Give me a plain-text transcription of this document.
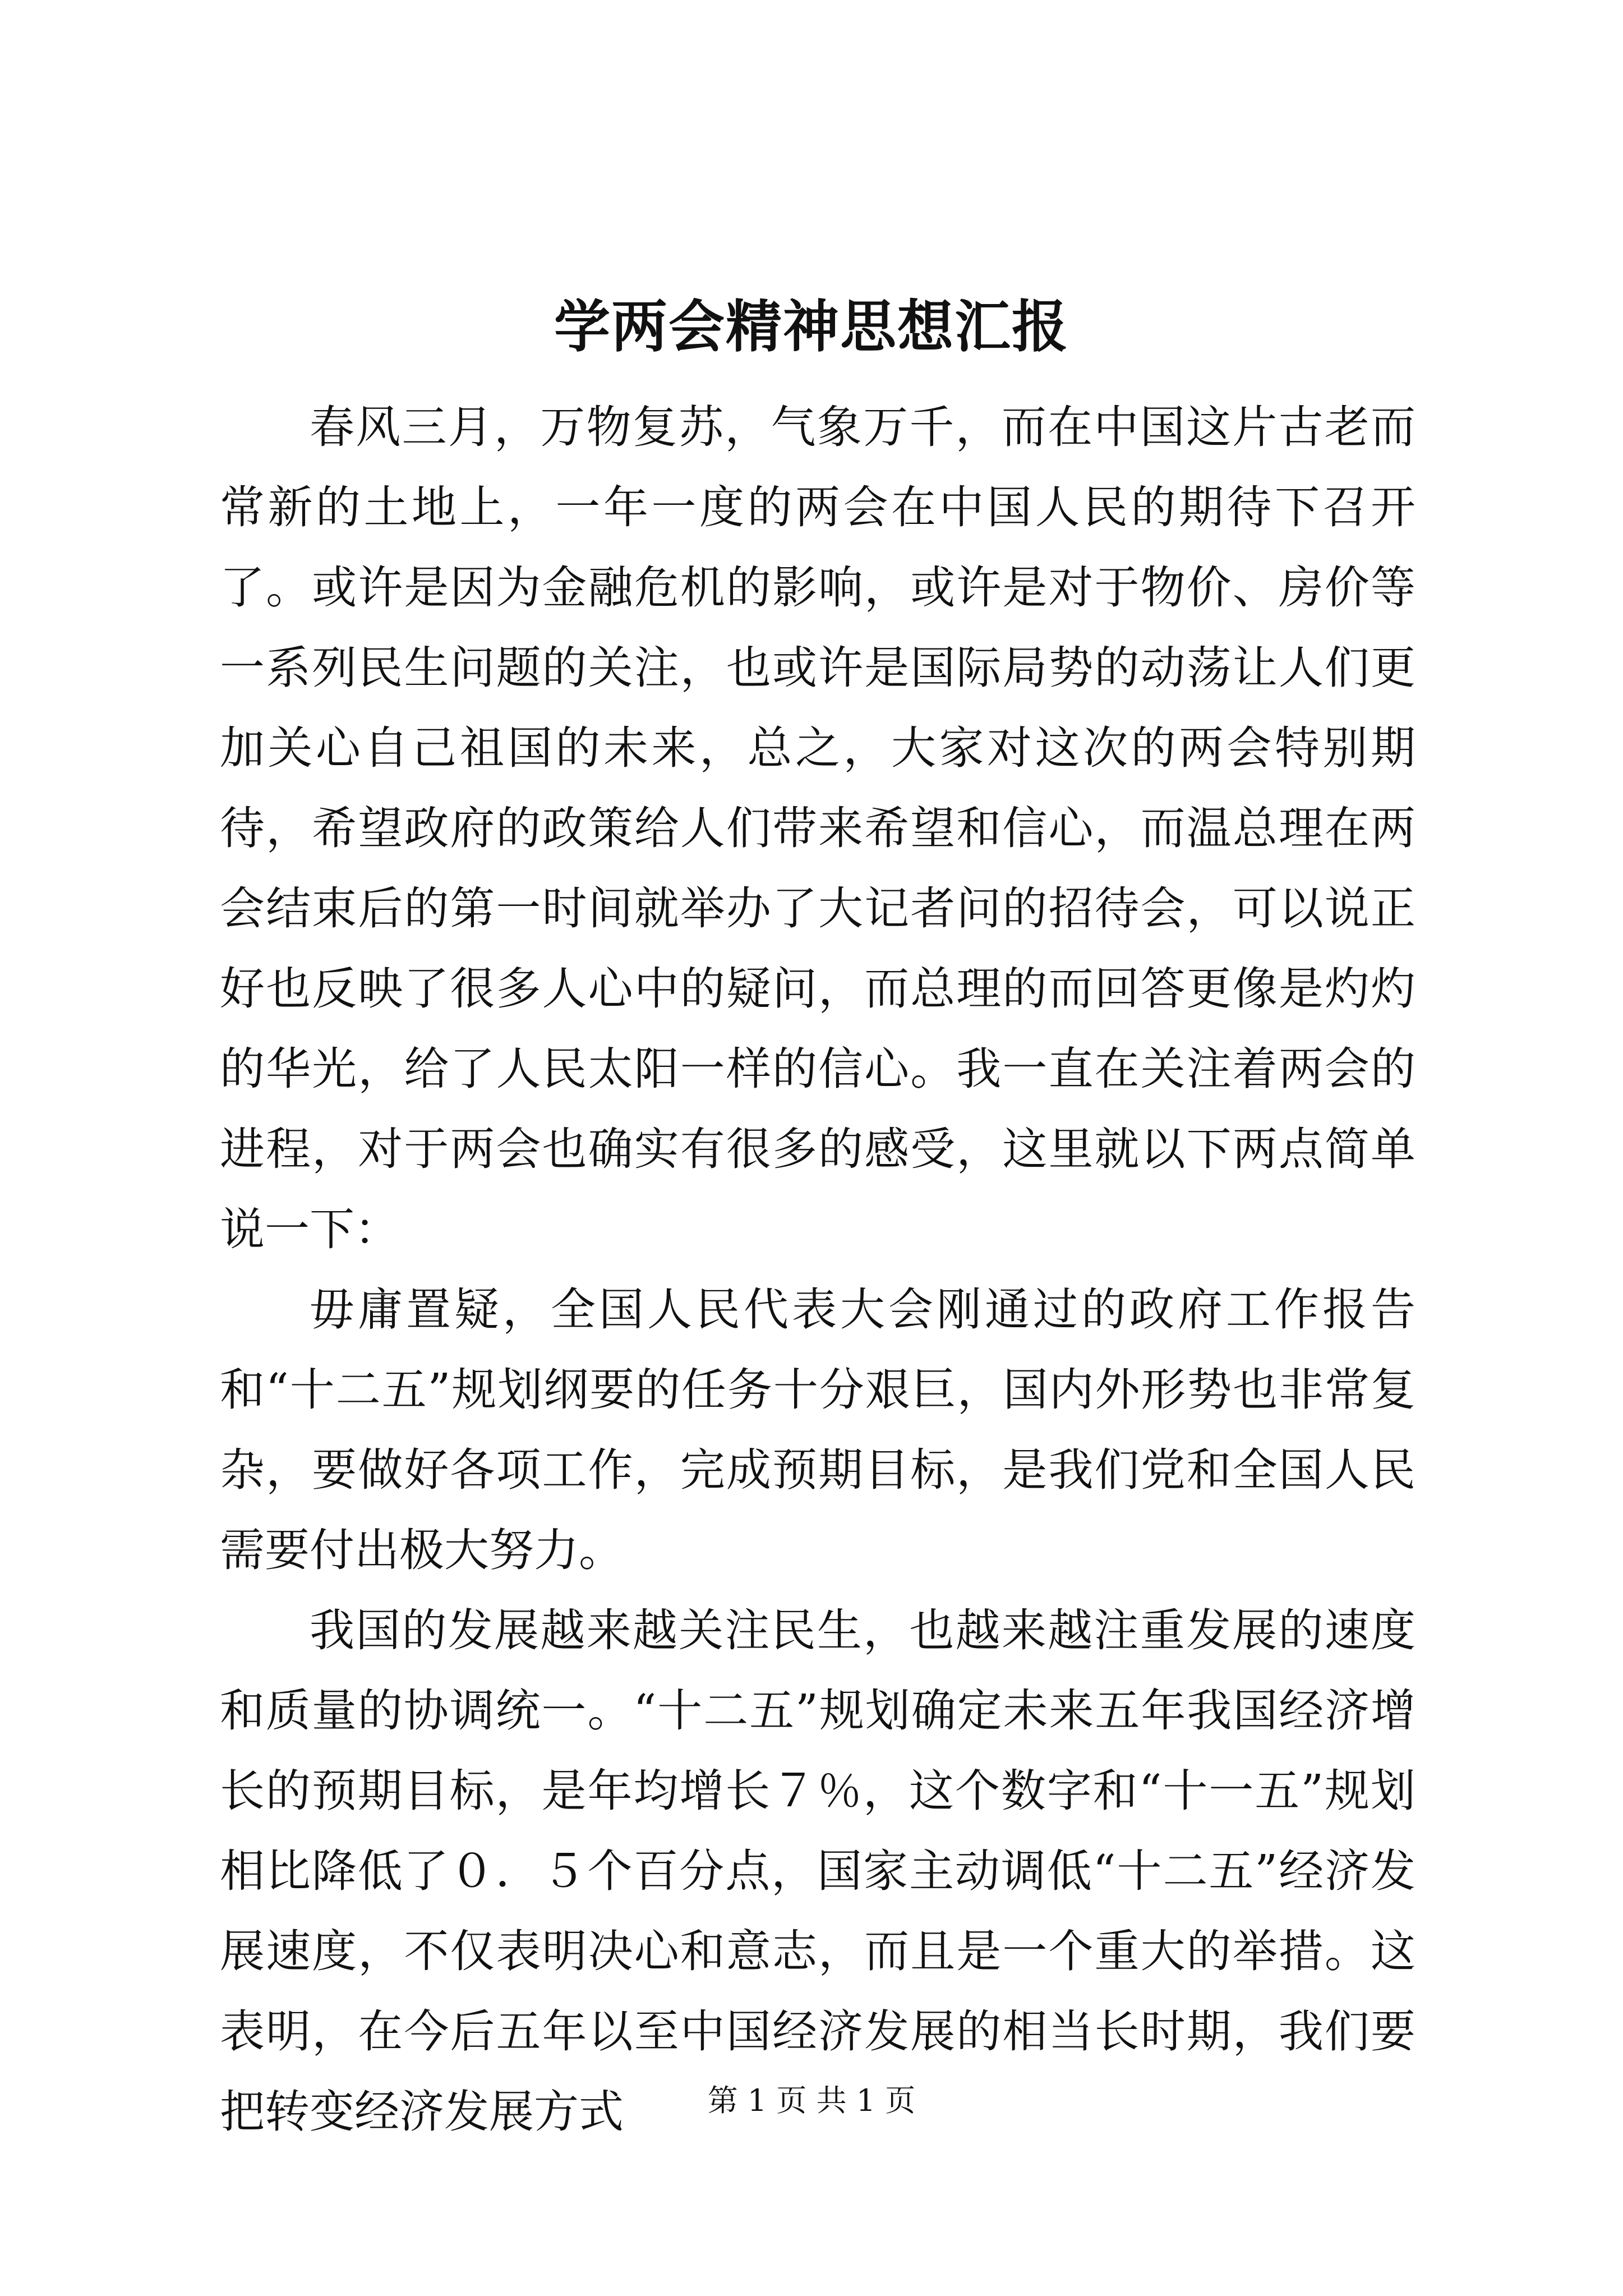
学两会精神思想汇报

春风三月，万物复苏，气象万千，而在中国这片古老而常新的土地上，一年一度的两会在中国人民的期待下召开了。或许是因为金融危机的影响，或许是对于物价、房价等一系列民生问题的关注，也或许是国际局势的动荡让人们更加关心自己祖国的未来，总之，大家对这次的两会特别期待，希望政府的政策给人们带来希望和信心，而温总理在两会结束后的第一时间就举办了大记者问的招待会，可以说正好也反映了很多人心中的疑问，而总理的而回答更像是灼灼的华光，给了人民太阳一样的信心。我一直在关注着两会的进程，对于两会也确实有很多的感受，这里就以下两点简单说一下：

毋庸置疑，全国人民代表大会刚通过的政府工作报告和“十二五”规划纲要的任务十分艰巨，国内外形势也非常复杂，要做好各项工作，完成预期目标，是我们党和全国人民需要付出极大努力。

我国的发展越来越关注民生，也越来越注重发展的速度和质量的协调统一。“十二五”规划确定未来五年我国经济增长的预期目标，是年均增长７％，这个数字和“十一五”规划相比降低了０．５个百分点，国家主动调低“十二五”经济发展速度，不仅表明决心和意志，而且是一个重大的举措。这表明，在今后五年以至中国经济发展的相当长时期，我们要把转变经济发展方式	第 1 页 共 1 页
